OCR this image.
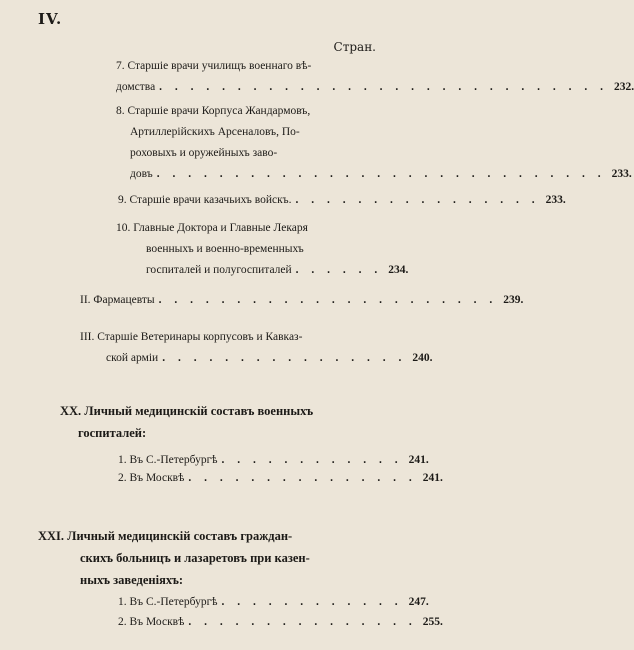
IV.
Стран.
7. Старшіе врачи училищъ военнаго вѣ-
домства . . . . . . . . . . . . . . . . . . . . . . . . . . . . . 232.
8. Старшіе врачи Корпуса Жандармовъ,
Артиллерійскихъ Арсеналовъ, По-
роховыхъ и оружейныхъ заво-
довъ . . . . . . . . . . . . . . . . . . . . . . . . . . . . . 233.
9. Старшіе врачи казачьихъ войскъ. . . . . . . . . . . . . . . . . 233.
10. Главные Доктора и Главные Лекаря
военныхъ и военно-временныхъ
госпиталей и полугоспиталей . . . . . . 234.
II. Фармацевты . . . . . . . . . . . . . . . . . . . . . . 239.
III. Старшіе Ветеринары корпусовъ и Кавказ-
ской арміи . . . . . . . . . . . . . . . . 240.
XX. Личный медицинскій составъ военныхъ
госпиталей:
1. Въ С.-Петербургѣ . . . . . . . . . . . . 241.
2. Въ Москвѣ . . . . . . . . . . . . . . . 241.
XXI. Личный медицинскій составъ граждан-
скихъ больницъ и лазаретовъ при казен-
ныхъ заведеніяхъ:
1. Въ С.-Петербургѣ . . . . . . . . . . . . 247.
2. Въ Москвѣ . . . . . . . . . . . . . . . 255.
